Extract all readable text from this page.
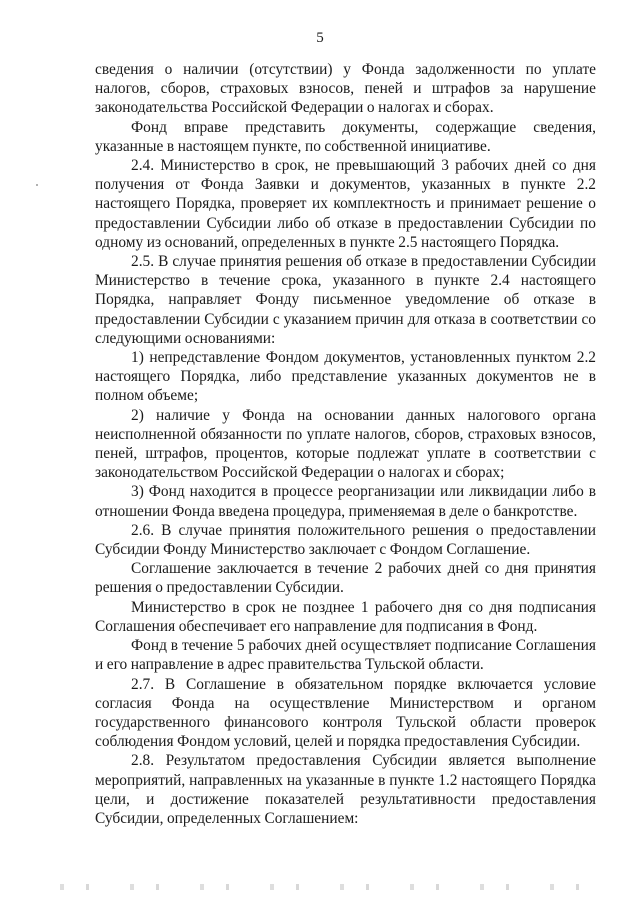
5

сведения о наличии (отсутствии) у Фонда задолженности по уплате налогов, сборов, страховых взносов, пеней и штрафов за нарушение законодательства Российской Федерации о налогах и сборах.

Фонд вправе представить документы, содержащие сведения, указанные в настоящем пункте, по собственной инициативе.

2.4. Министерство в срок, не превышающий 3 рабочих дней со дня получения от Фонда Заявки и документов, указанных в пункте 2.2 настоящего Порядка, проверяет их комплектность и принимает решение о предоставлении Субсидии либо об отказе в предоставлении Субсидии по одному из оснований, определенных в пункте 2.5 настоящего Порядка.

2.5. В случае принятия решения об отказе в предоставлении Субсидии Министерство в течение срока, указанного в пункте 2.4 настоящего Порядка, направляет Фонду письменное уведомление об отказе в предоставлении Субсидии с указанием причин для отказа в соответствии со следующими основаниями:

1) непредставление Фондом документов, установленных пунктом 2.2 настоящего Порядка, либо представление указанных документов не в полном объеме;

2) наличие у Фонда на основании данных налогового органа неисполненной обязанности по уплате налогов, сборов, страховых взносов, пеней, штрафов, процентов, которые подлежат уплате в соответствии с законодательством Российской Федерации о налогах и сборах;

3) Фонд находится в процессе реорганизации или ликвидации либо в отношении Фонда введена процедура, применяемая в деле о банкротстве.

2.6. В случае принятия положительного решения о предоставлении Субсидии Фонду Министерство заключает с Фондом Соглашение.

Соглашение заключается в течение 2 рабочих дней со дня принятия решения о предоставлении Субсидии.

Министерство в срок не позднее 1 рабочего дня со дня подписания Соглашения обеспечивает его направление для подписания в Фонд.

Фонд в течение 5 рабочих дней осуществляет подписание Соглашения и его направление в адрес правительства Тульской области.

2.7. В Соглашение в обязательном порядке включается условие согласия Фонда на осуществление Министерством и органом государственного финансового контроля Тульской области проверок соблюдения Фондом условий, целей и порядка предоставления Субсидии.

2.8. Результатом предоставления Субсидии является выполнение мероприятий, направленных на указанные в пункте 1.2 настоящего Порядка цели, и достижение показателей результативности предоставления Субсидии, определенных Соглашением:
